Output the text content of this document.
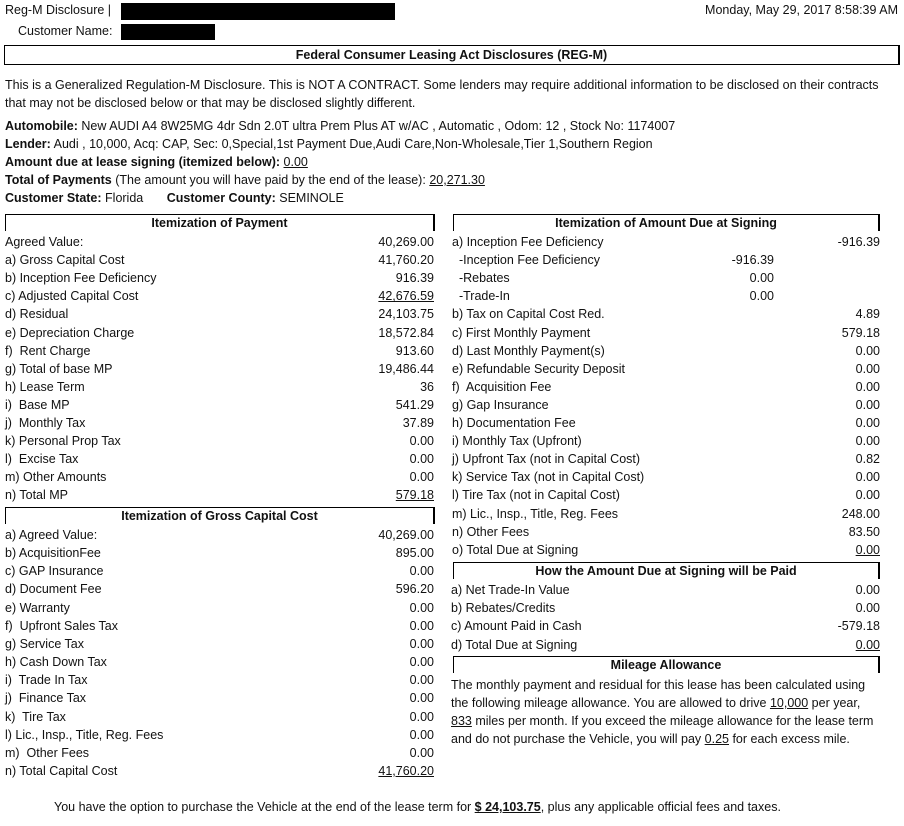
Reg-M Disclosure |	Monday, May 29, 2017 8:58:39 AM
Customer Name:
Federal Consumer Leasing Act Disclosures (REG-M)
This is a Generalized Regulation-M Disclosure. This is NOT A CONTRACT. Some lenders may require additional information to be disclosed on their contracts that may not be disclosed below or that may be disclosed slightly different.
Automobile: New AUDI A4 8W25MG 4dr Sdn 2.0T ultra Prem Plus AT w/AC , Automatic , Odom: 12 , Stock No: 1174007
Lender: Audi , 10,000, Acq: CAP, Sec: 0,Special,1st Payment Due,Audi Care,Non-Wholesale,Tier 1,Southern Region
Amount due at lease signing (itemized below): 0.00
Total of Payments (The amount you will have paid by the end of the lease): 20,271.30
Customer State: Florida Customer County: SEMINOLE
Itemization of Payment	Itemization of Amount Due at Signing
Itemization of Gross Capital Cost
How the Amount Due at Signing will be Paid
Mileage Allowance
Agreed Value:	40,269.00
a) Gross Capital Cost	41,760.20
b) Inception Fee Deficiency	916.39
c) Adjusted Capital Cost	42,676.59
d) Residual	24,103.75
e) Depreciation Charge	18,572.84
f)  Rent Charge	913.60
g) Total of base MP	19,486.44
h) Lease Term	36
i)  Base MP	541.29
j)  Monthly Tax	37.89
k) Personal Prop Tax	0.00
l)  Excise Tax	0.00
m) Other Amounts	0.00
n) Total MP	579.18
a) Agreed Value:	40,269.00
b) AcquisitionFee	895.00
c) GAP Insurance	0.00
d) Document Fee	596.20
e) Warranty	0.00
f)  Upfront Sales Tax	0.00
g) Service Tax	0.00
h) Cash Down Tax	0.00
i)  Trade In Tax	0.00
j)  Finance Tax	0.00
k)  Tire Tax	0.00
l) Lic., Insp., Title, Reg. Fees	0.00
m)  Other Fees	0.00
n) Total Capital Cost	41,760.20
a) Inception Fee Deficiency	-916.39
-Inception Fee Deficiency	-916.39
-Rebates	0.00
-Trade-In	0.00
b) Tax on Capital Cost Red.	4.89
c) First Monthly Payment	579.18
d) Last Monthly Payment(s)	0.00
e) Refundable Security Deposit	0.00
f)  Acquisition Fee	0.00
g) Gap Insurance	0.00
h) Documentation Fee	0.00
i) Monthly Tax (Upfront)	0.00
j) Upfront Tax (not in Capital Cost)	0.82
k) Service Tax (not in Capital Cost)	0.00
l) Tire Tax (not in Capital Cost)	0.00
m) Lic., Insp., Title, Reg. Fees	248.00
n) Other Fees	83.50
o) Total Due at Signing	0.00
a) Net Trade-In Value	0.00
b) Rebates/Credits	0.00
c) Amount Paid in Cash	-579.18
d) Total Due at Signing	0.00
The monthly payment and residual for this lease has been calculated using the following mileage allowance. You are allowed to drive 10,000 per year, 833 miles per month. If you exceed the mileage allowance for the lease term and do not purchase the Vehicle, you will pay 0.25 for each excess mile.
You have the option to purchase the Vehicle at the end of the lease term for $ 24,103.75, plus any applicable official fees and taxes.
